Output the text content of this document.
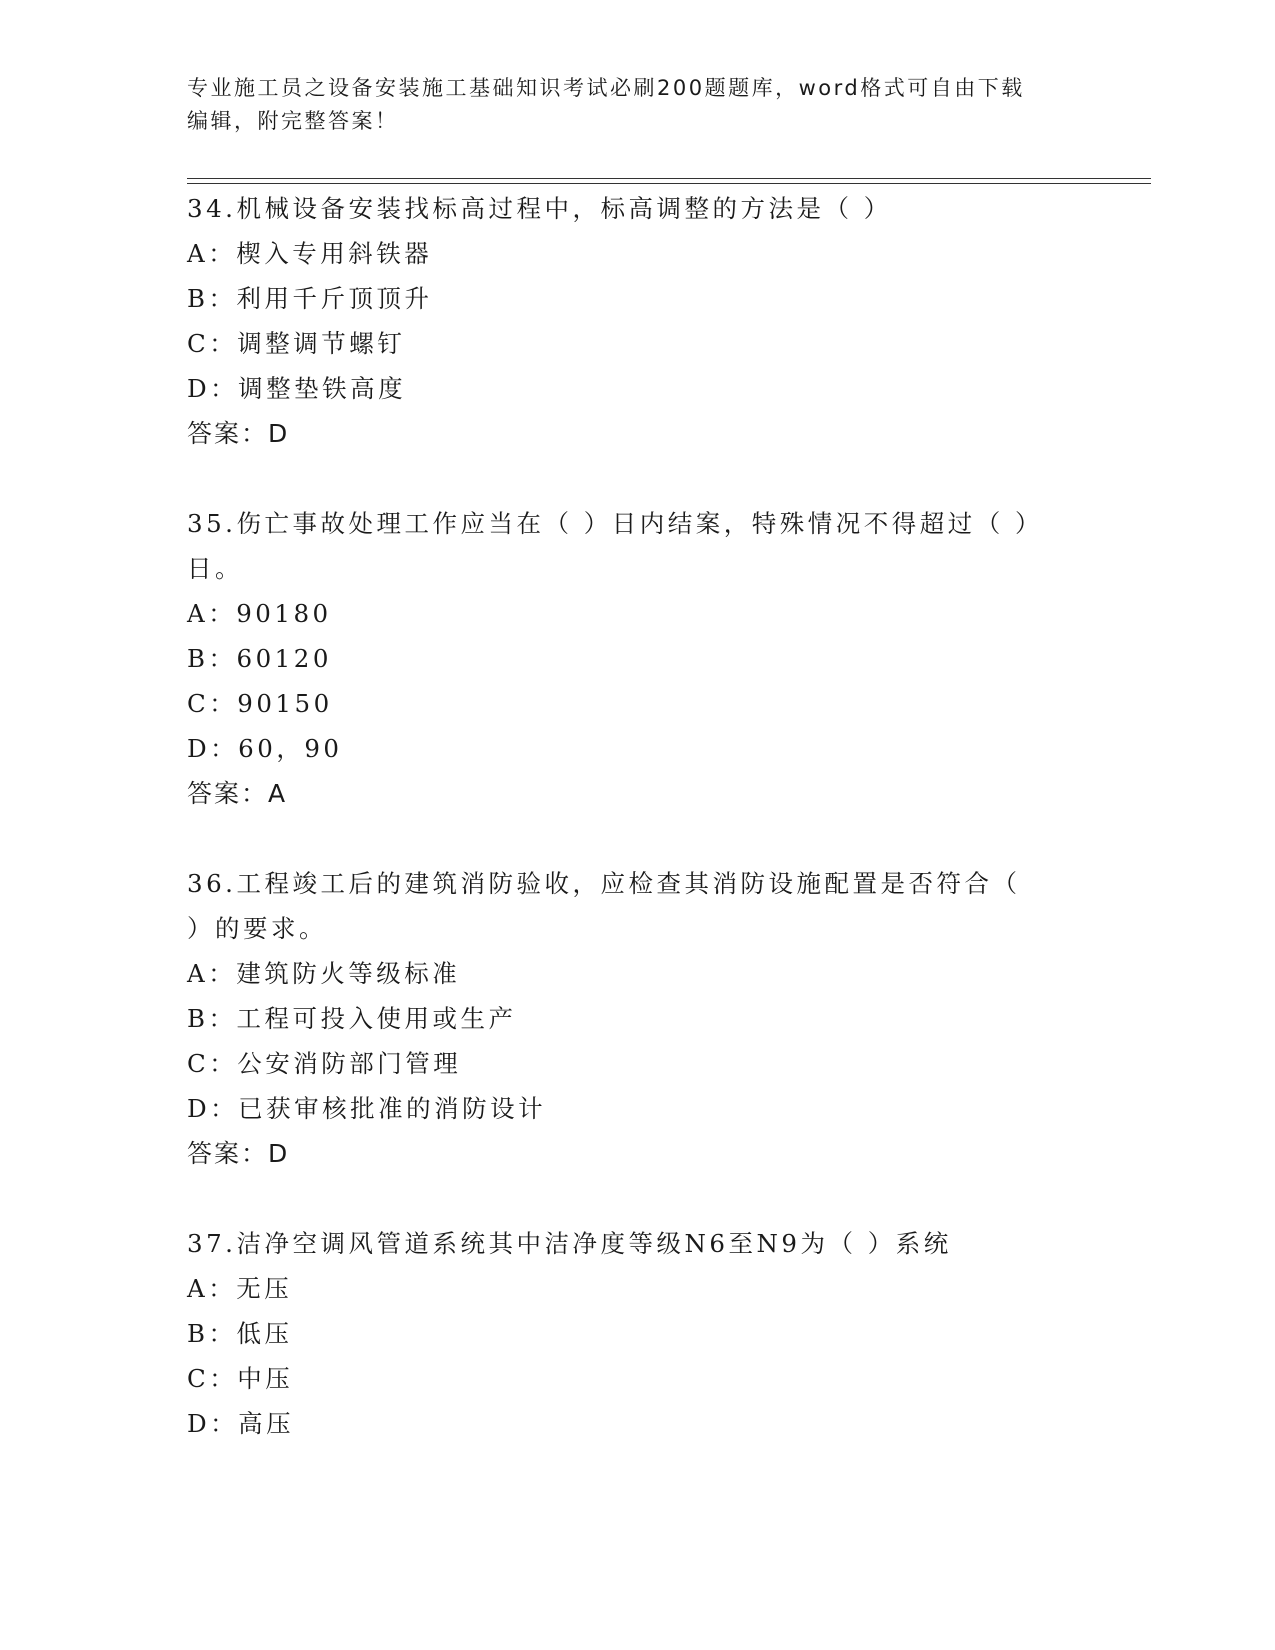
专业施工员之设备安装施工基础知识考试必刷200题题库，word格式可自由下载
编辑，附完整答案！
34.机械设备安装找标高过程中，标高调整的方法是（ ）
A：楔入专用斜铁器
B：利用千斤顶顶升
C：调整调节螺钉
D：调整垫铁高度
答案：D
35.伤亡事故处理工作应当在（ ）日内结案，特殊情况不得超过（ ）
日。
A：90180
B：60120
C：90150
D：60，90
答案：A
36.工程竣工后的建筑消防验收，应检查其消防设施配置是否符合（
）的要求。
A：建筑防火等级标准
B：工程可投入使用或生产
C：公安消防部门管理
D：已获审核批准的消防设计
答案：D
37.洁净空调风管道系统其中洁净度等级N6至N9为（ ）系统
A：无压
B：低压
C：中压
D：高压
